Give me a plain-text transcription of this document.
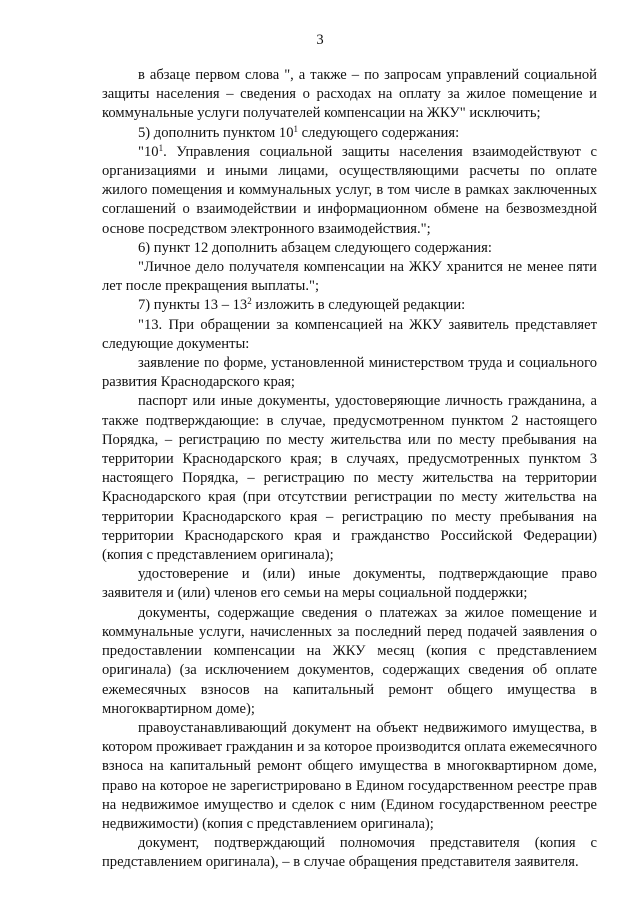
3

в абзаце первом слова ", а также – по запросам управлений социальной защиты населения – сведения о расходах на оплату за жилое помещение и коммунальные услуги получателей компенсации на ЖКУ" исключить;

5) дополнить пунктом $10^1$ следующего содержания:

"$10^1$. Управления социальной защиты населения взаимодействуют с организациями и иными лицами, осуществляющими расчеты по оплате жилого помещения и коммунальных услуг, в том числе в рамках заключенных соглашений о взаимодействии и информационном обмене на безвозмездной основе посредством электронного взаимодействия.";

6) пункт 12 дополнить абзацем следующего содержания:

"Личное дело получателя компенсации на ЖКУ хранится не менее пяти лет после прекращения выплаты.";

7) пункты $13 - 13^2$ изложить в следующей редакции:

"13. При обращении за компенсацией на ЖКУ заявитель представляет следующие документы:

заявление по форме, установленной министерством труда и социального развития Краснодарского края;

паспорт или иные документы, удостоверяющие личность гражданина, а также подтверждающие: в случае, предусмотренном пунктом 2 настоящего Порядка, – регистрацию по месту жительства или по месту пребывания на территории Краснодарского края; в случаях, предусмотренных пунктом 3 настоящего Порядка, – регистрацию по месту жительства на территории Краснодарского края (при отсутствии регистрации по месту жительства на территории Краснодарского края – регистрацию по месту пребывания на территории Краснодарского края и гражданство Российской Федерации) (копия с представлением оригинала);

удостоверение и (или) иные документы, подтверждающие право заявителя и (или) членов его семьи на меры социальной поддержки;

документы, содержащие сведения о платежах за жилое помещение и коммунальные услуги, начисленных за последний перед подачей заявления о предоставлении компенсации на ЖКУ месяц (копия с представлением оригинала) (за исключением документов, содержащих сведения об оплате ежемесячных взносов на капитальный ремонт общего имущества в многоквартирном доме);

правоустанавливающий документ на объект недвижимого имущества, в котором проживает гражданин и за которое производится оплата ежемесячного взноса на капитальный ремонт общего имущества в многоквартирном доме, право на которое не зарегистрировано в Едином государственном реестре прав на недвижимое имущество и сделок с ним (Едином государственном реестре недвижимости) (копия с представлением оригинала);

документ, подтверждающий полномочия представителя (копия с представлением оригинала), – в случае обращения представителя заявителя.
